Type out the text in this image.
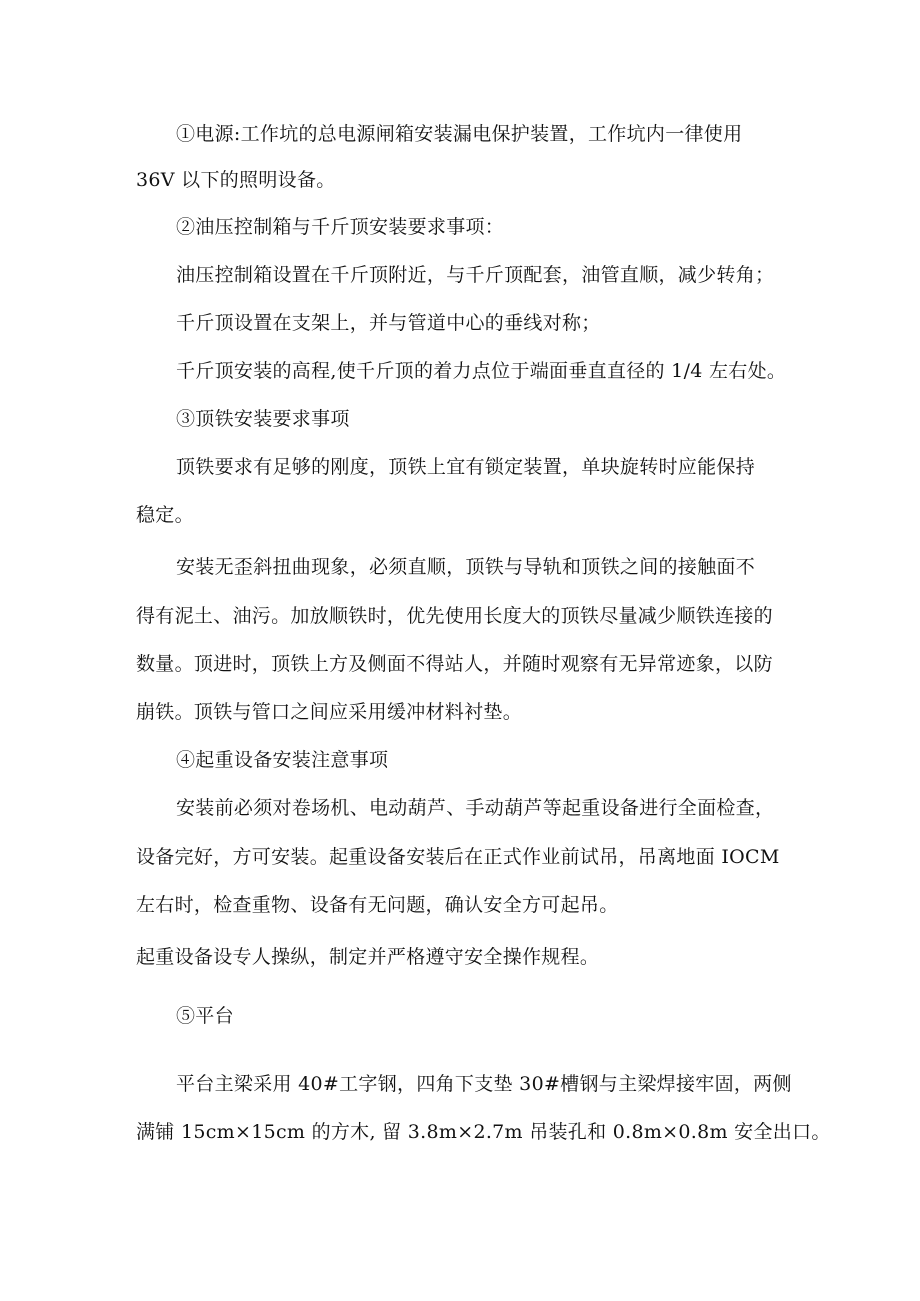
①电源:工作坑的总电源闸箱安装漏电保护装置，工作坑内一律使用

36V 以下的照明设备。

②油压控制箱与千斤顶安装要求事项：

油压控制箱设置在千斤顶附近，与千斤顶配套，油管直顺，减少转角；

千斤顶设置在支架上，并与管道中心的垂线对称；

千斤顶安装的高程,使千斤顶的着力点位于端面垂直直径的 1/4 左右处。

③顶铁安装要求事项

顶铁要求有足够的刚度，顶铁上宜有锁定装置，单块旋转时应能保持

稳定。

安装无歪斜扭曲现象，必须直顺，顶铁与导轨和顶铁之间的接触面不

得有泥土、油污。加放顺铁时，优先使用长度大的顶铁尽量减少顺铁连接的

数量。顶进时，顶铁上方及侧面不得站人，并随时观察有无异常迹象，以防

崩铁。顶铁与管口之间应采用缓冲材料衬垫。

④起重设备安装注意事项

安装前必须对卷场机、电动葫芦、手动葫芦等起重设备进行全面检查，

设备完好，方可安装。起重设备安装后在正式作业前试吊，吊离地面 IOCM

左右时，检查重物、设备有无问题，确认安全方可起吊。

起重设备设专人操纵，制定并严格遵守安全操作规程。

⑤平台

平台主梁采用 40#工字钢，四角下支垫 30#槽钢与主梁焊接牢固，两侧

满铺 15cm×15cm 的方木, 留 3.8m×2.7m 吊装孔和 0.8m×0.8m 安全出口。
